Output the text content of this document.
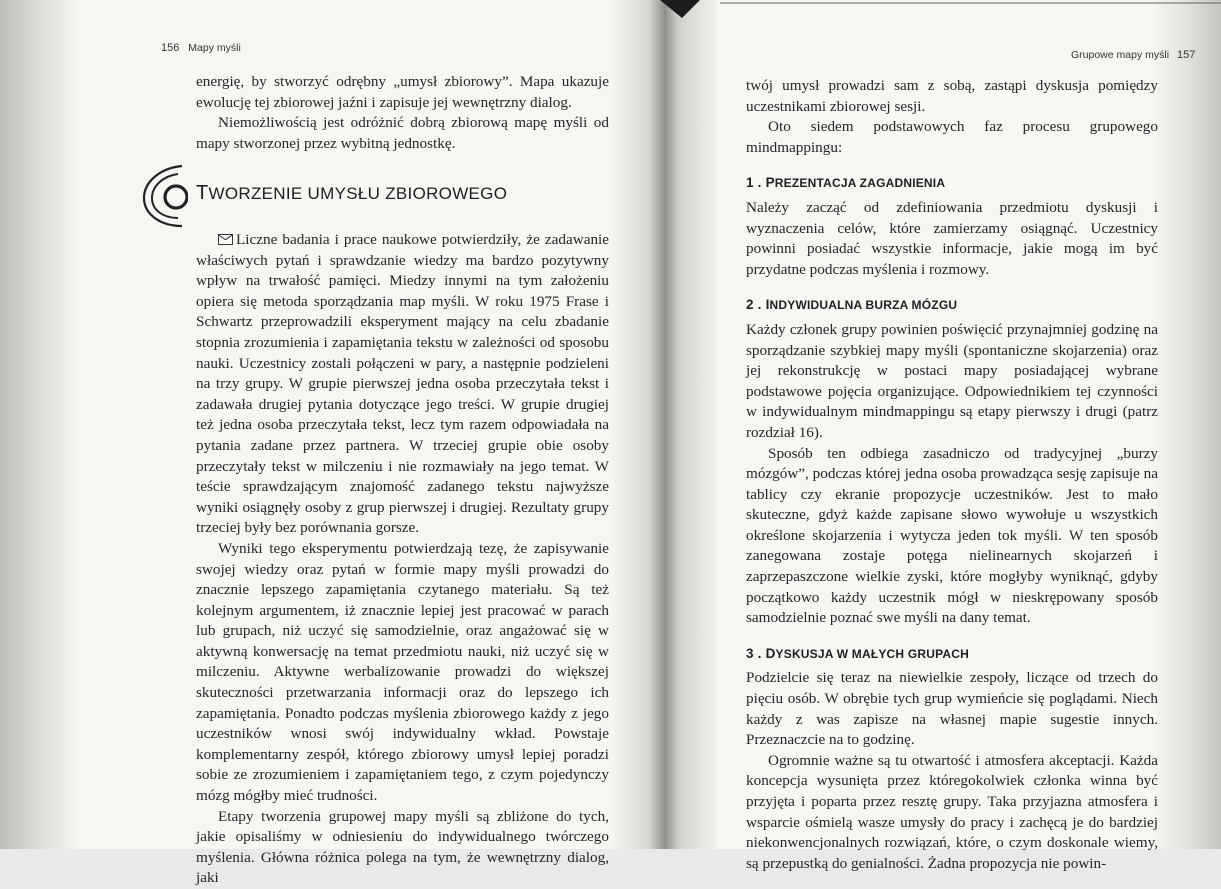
156 Mapy myśli

energię, by stworzyć odrębny „umysł zbiorowy”. Mapa ukazuje ewolucję tej zbiorowej jaźni i zapisuje jej wewnętrzny dialog.

Niemożliwością jest odróżnić dobrą zbiorową mapę myśli od mapy stworzonej przez wybitną jednostkę.

TWORZENIE UMYSŁU ZBIOROWEGO

Liczne badania i prace naukowe potwierdziły, że zadawanie właściwych pytań i sprawdzanie wiedzy ma bardzo pozytywny wpływ na trwałość pamięci. Miedzy innymi na tym założeniu opiera się metoda sporządzania map myśli. W roku 1975 Frase i Schwartz przeprowadzili eksperyment mający na celu zbadanie stopnia zrozumienia i zapamiętania tekstu w zależności od sposobu nauki. Uczestnicy zostali połączeni w pary, a następnie podzieleni na trzy grupy. W grupie pierwszej jedna osoba przeczytała tekst i zadawała drugiej pytania dotyczące jego treści. W grupie drugiej też jedna osoba przeczytała tekst, lecz tym razem odpowiadała na pytania zadane przez partnera. W trzeciej grupie obie osoby przeczytały tekst w milczeniu i nie rozmawiały na jego temat. W teście sprawdzającym znajomość zadanego tekstu najwyższe wyniki osiągnęły osoby z grup pierwszej i drugiej. Rezultaty grupy trzeciej były bez porównania gorsze.

Wyniki tego eksperymentu potwierdzają tezę, że zapisywanie swojej wiedzy oraz pytań w formie mapy myśli prowadzi do znacznie lepszego zapamiętania czytanego materiału. Są też kolejnym argumentem, iż znacznie lepiej jest pracować w parach lub grupach, niż uczyć się samodzielnie, oraz angażować się w aktywną konwersację na temat przedmiotu nauki, niż uczyć się w milczeniu. Aktywne werbalizowanie prowadzi do większej skuteczności przetwarzania informacji oraz do lepszego ich zapamiętania. Ponadto podczas myślenia zbiorowego każdy z jego uczestników wnosi swój indywidualny wkład. Powstaje komplementarny zespół, którego zbiorowy umysł lepiej poradzi sobie ze zrozumieniem i zapamiętaniem tego, z czym pojedynczy mózg mógłby mieć trudności.

Etapy tworzenia grupowej mapy myśli są zbliżone do tych, jakie opisaliśmy w odniesieniu do indywidualnego twórczego myślenia. Główna różnica polega na tym, że wewnętrzny dialog, jaki

Grupowe mapy myśli 157

twój umysł prowadzi sam z sobą, zastąpi dyskusja pomiędzy uczestnikami zbiorowej sesji.

Oto siedem podstawowych faz procesu grupowego mindmappingu:

1 . PREZENTACJA ZAGADNIENIA

Należy zacząć od zdefiniowania przedmiotu dyskusji i wyznaczenia celów, które zamierzamy osiągnąć. Uczestnicy powinni posiadać wszystkie informacje, jakie mogą im być przydatne podczas myślenia i rozmowy.

2 . INDYWIDUALNA BURZA MÓZGU

Każdy członek grupy powinien poświęcić przynajmniej godzinę na sporządzanie szybkiej mapy myśli (spontaniczne skojarzenia) oraz jej rekonstrukcję w postaci mapy posiadającej wybrane podstawowe pojęcia organizujące. Odpowiednikiem tej czynności w indywidualnym mindmappingu są etapy pierwszy i drugi (patrz rozdział 16).

Sposób ten odbiega zasadniczo od tradycyjnej „burzy mózgów”, podczas której jedna osoba prowadząca sesję zapisuje na tablicy czy ekranie propozycje uczestników. Jest to mało skuteczne, gdyż każde zapisane słowo wywołuje u wszystkich określone skojarzenia i wytycza jeden tok myśli. W ten sposób zanegowana zostaje potęga nielinearnych skojarzeń i zaprzepaszczone wielkie zyski, które mogłyby wyniknąć, gdyby początkowo każdy uczestnik mógł w nieskrępowany sposób samodzielnie poznać swe myśli na dany temat.

3 . DYSKUSJA W MAŁYCH GRUPACH

Podzielcie się teraz na niewielkie zespoły, liczące od trzech do pięciu osób. W obrębie tych grup wymieńcie się poglądami. Niech każdy z was zapisze na własnej mapie sugestie innych. Przeznaczcie na to godzinę.

Ogromnie ważne są tu otwartość i atmosfera akceptacji. Każda koncepcja wysunięta przez któregokolwiek członka winna być przyjęta i poparta przez resztę grupy. Taka przyjazna atmosfera i wsparcie ośmielą wasze umysły do pracy i zachęcą je do bardziej niekonwencjonalnych rozwiązań, które, o czym doskonale wiemy, są przepustką do genialności. Żadna propozycja nie powin-
